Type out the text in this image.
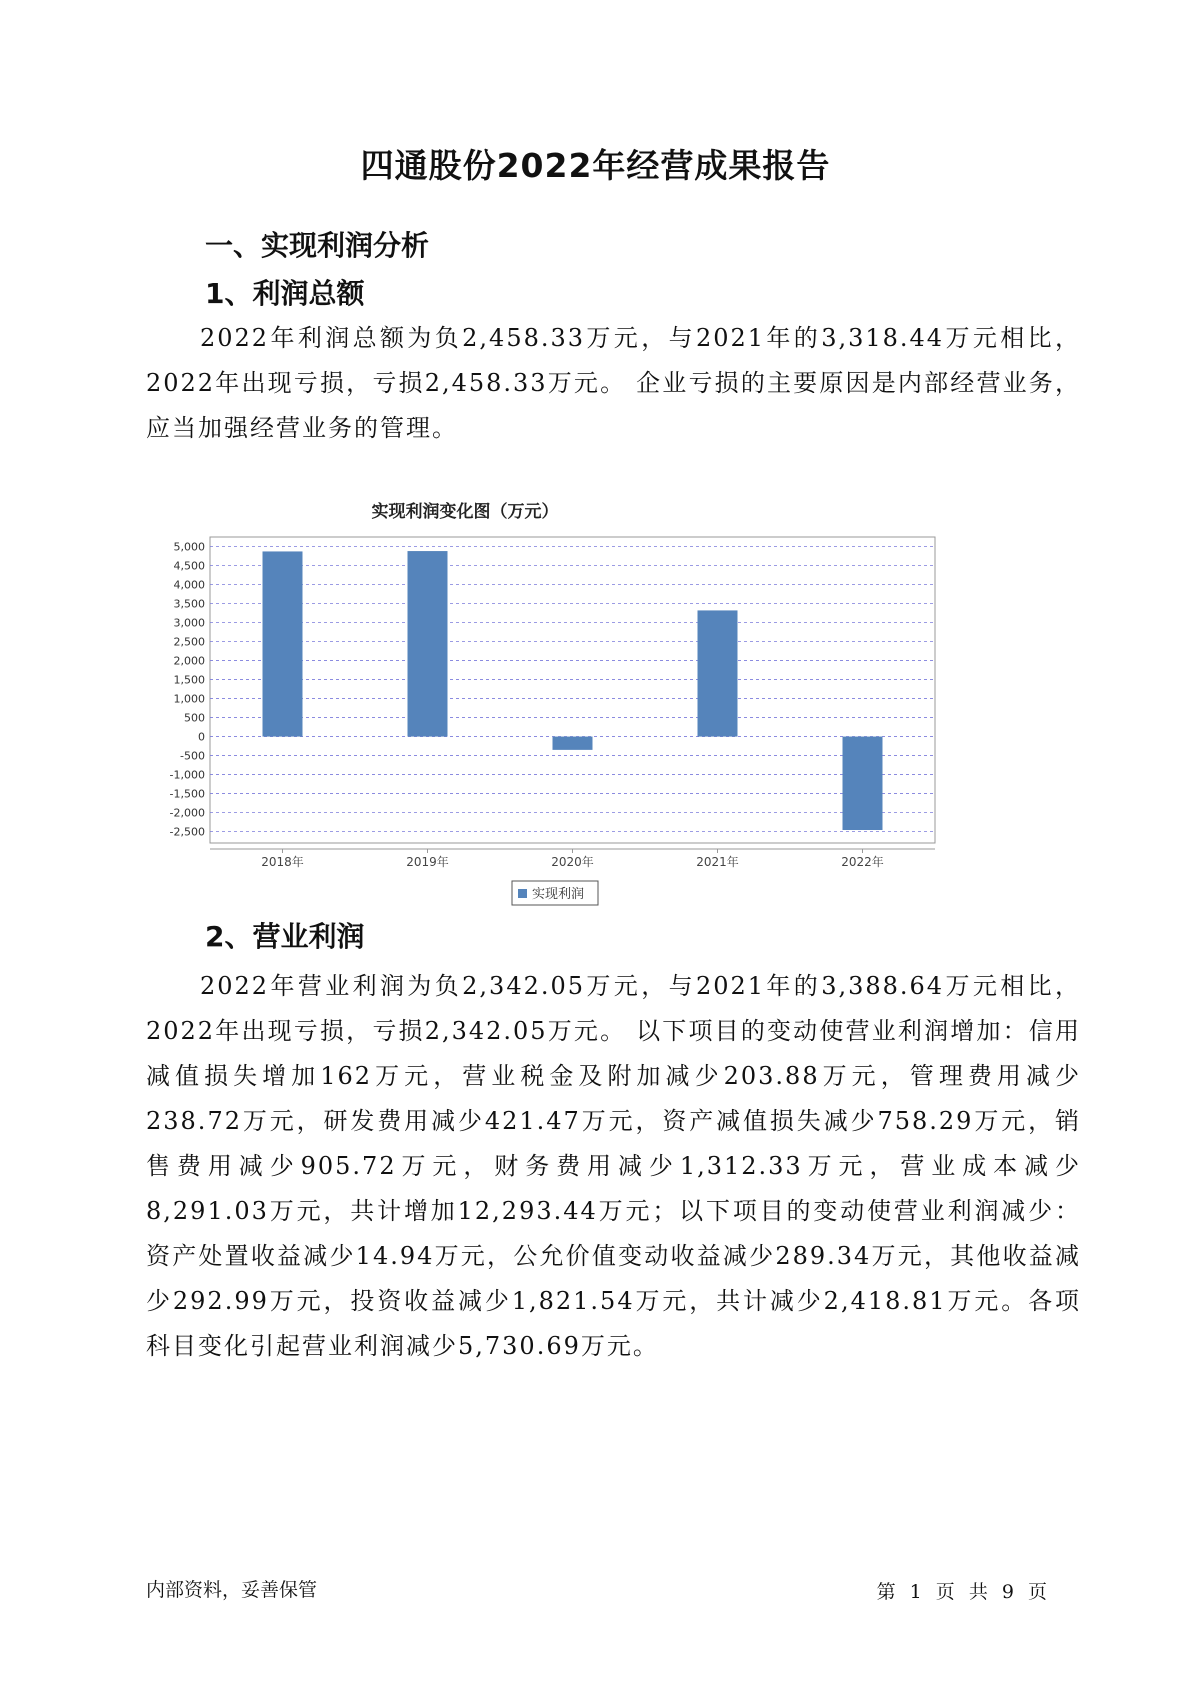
四通股份2022年经营成果报告
一、实现利润分析
1、利润总额

2022年利润总额为负2,458.33万元，与2021年的3,318.44万元相比，2022年出现亏损，亏损2,458.33万元。 企业亏损的主要原因是内部经营业务，应当加强经营业务的管理。

实现利润变化图（万元）
5,000
4,500
4,000
3,500
3,000
2,500
2,000
1,500
1,000
500
0
-500
-1,000
-1,500
-2,000
-2,500
2018年	2019年	2020年	2021年	2022年
实现利润
2、营业利润

2022年营业利润为负2,342.05万元，与2021年的3,388.64万元相比，2022年出现亏损，亏损2,342.05万元。 以下项目的变动使营业利润增加：信用减值损失增加162万元，营业税金及附加减少203.88万元，管理费用减少238.72万元，研发费用减少421.47万元，资产减值损失减少758.29万元，销售费用减少905.72万元，财务费用减少1,312.33万元，营业成本减少8,291.03万元，共计增加12,293.44万元；以下项目的变动使营业利润减少：资产处置收益减少14.94万元，公允价值变动收益减少289.34万元，其他收益减少292.99万元，投资收益减少1,821.54万元，共计减少2,418.81万元。各项科目变化引起营业利润减少5,730.69万元。

内部资料，妥善保管	第 1 页 共 9 页
